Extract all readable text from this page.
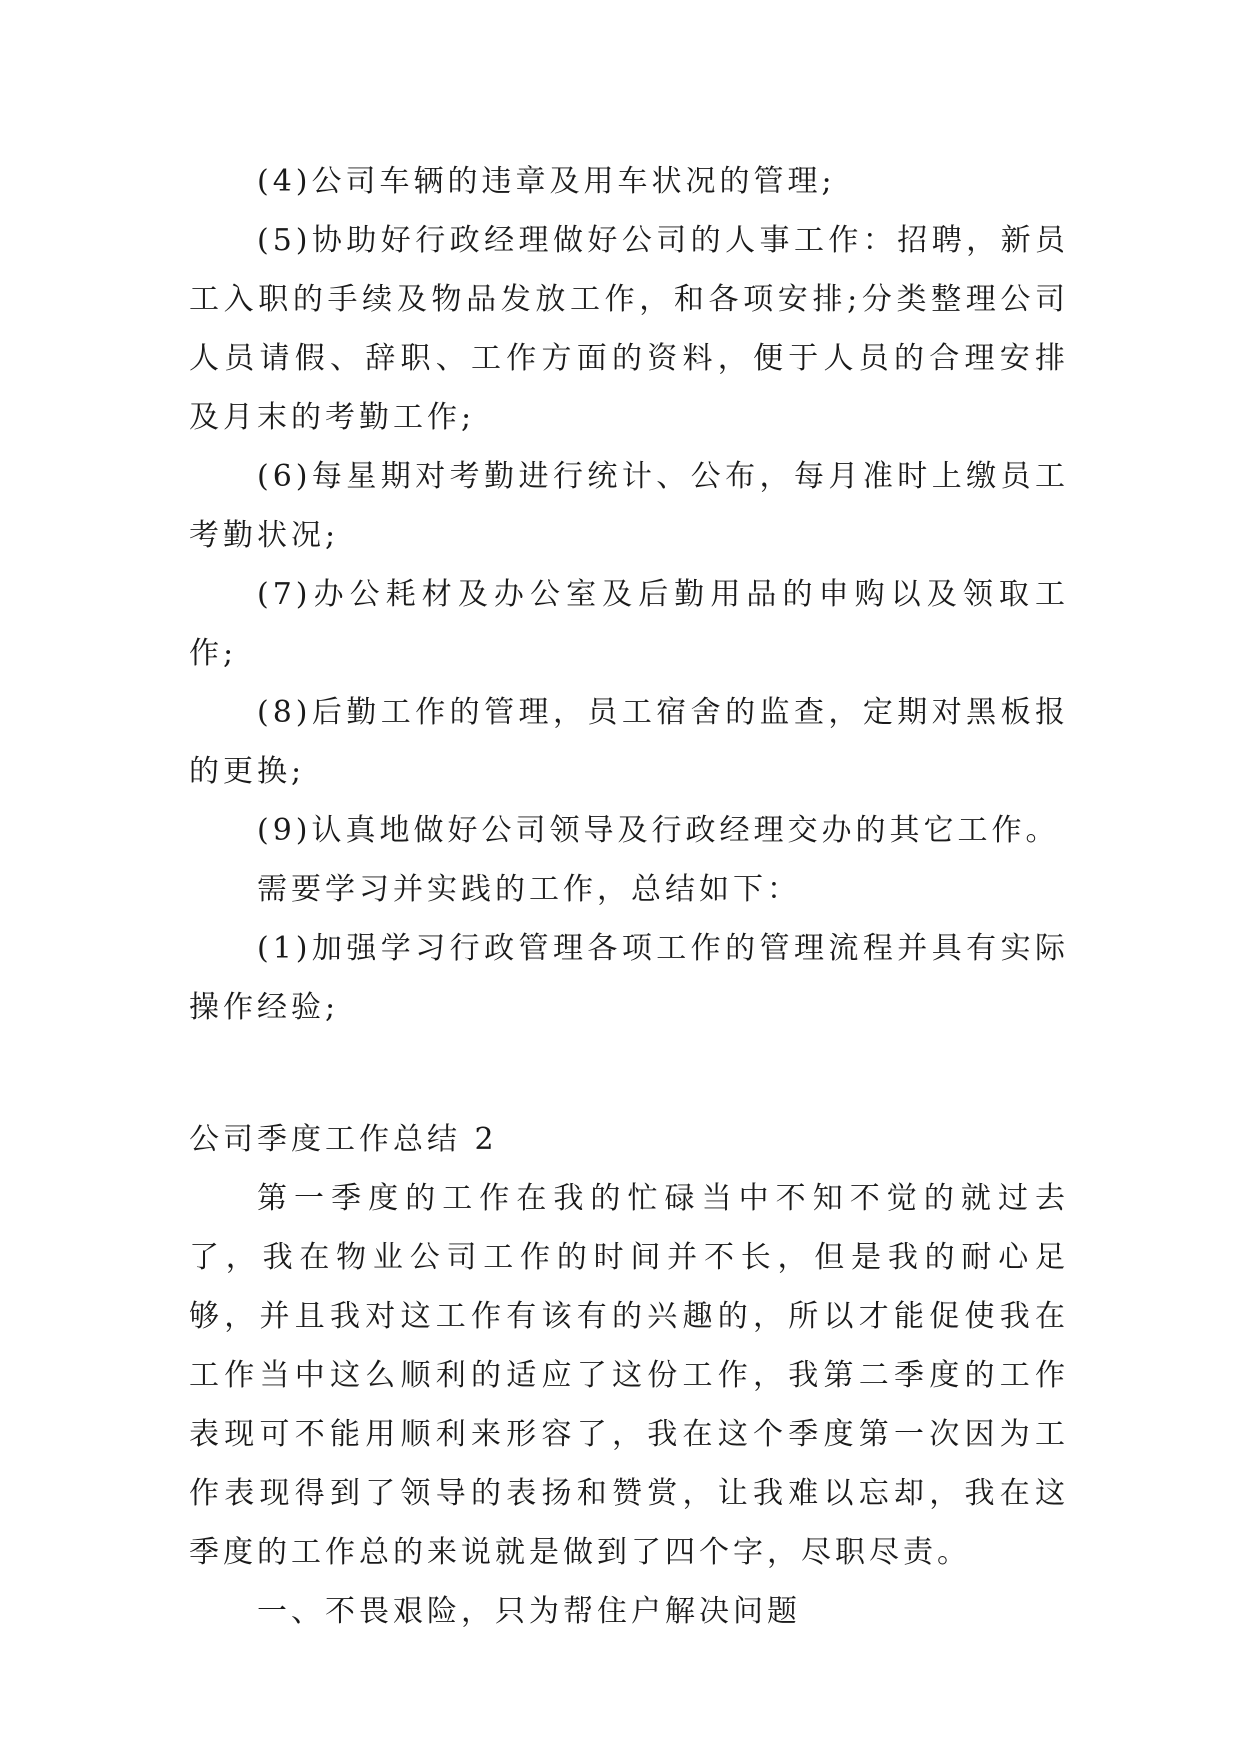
(4)公司车辆的违章及用车状况的管理;

(5)协助好行政经理做好公司的人事工作：招聘，新员工入职的手续及物品发放工作，和各项安排;分类整理公司人员请假、辞职、工作方面的资料，便于人员的合理安排及月末的考勤工作;

(6)每星期对考勤进行统计、公布，每月准时上缴员工考勤状况;

(7)办公耗材及办公室及后勤用品的申购以及领取工作;

(8)后勤工作的管理，员工宿舍的监查，定期对黑板报的更换;

(9)认真地做好公司领导及行政经理交办的其它工作。

需要学习并实践的工作，总结如下：

(1)加强学习行政管理各项工作的管理流程并具有实际操作经验;

公司季度工作总结 2

第一季度的工作在我的忙碌当中不知不觉的就过去了，我在物业公司工作的时间并不长，但是我的耐心足够，并且我对这工作有该有的兴趣的，所以才能促使我在工作当中这么顺利的适应了这份工作，我第二季度的工作表现可不能用顺利来形容了，我在这个季度第一次因为工作表现得到了领导的表扬和赞赏，让我难以忘却，我在这季度的工作总的来说就是做到了四个字，尽职尽责。

一、不畏艰险，只为帮住户解决问题
